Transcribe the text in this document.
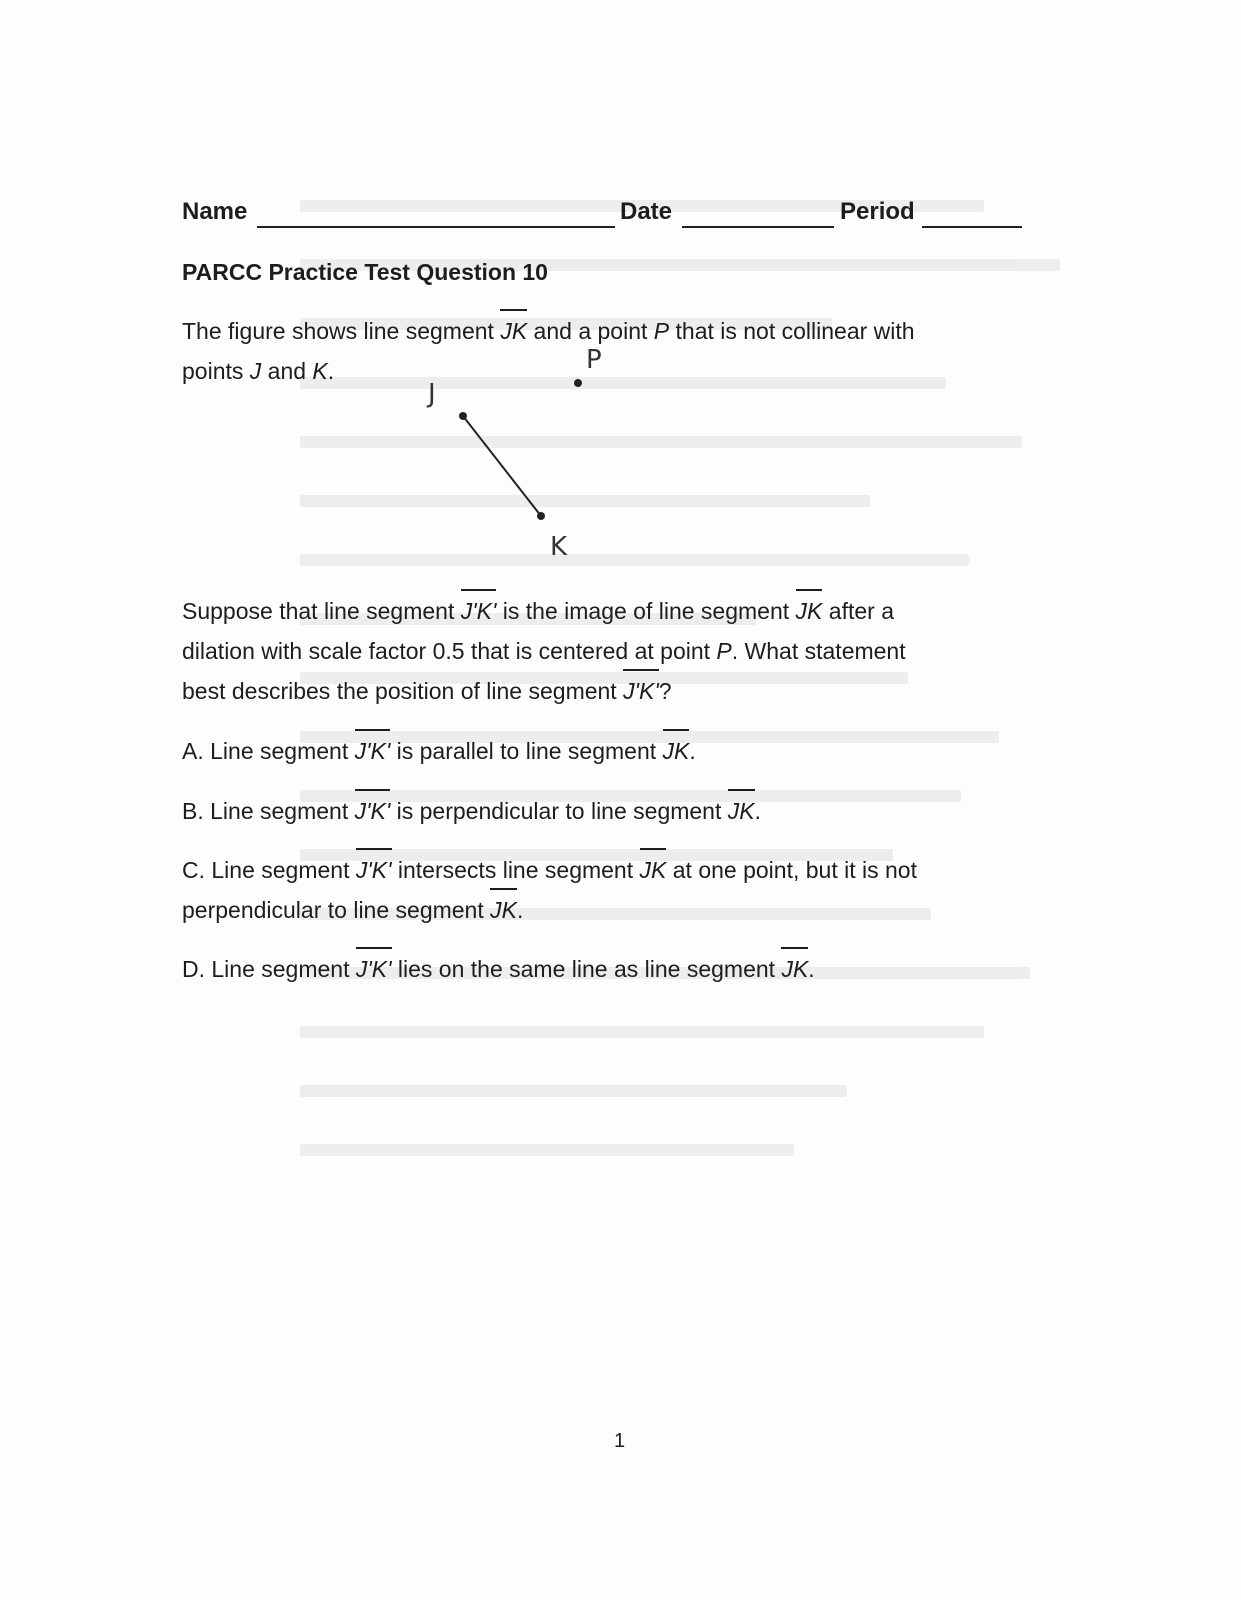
Name	Date	Period
PARCC Practice Test Question 10
The figure shows line segment JK and a point P that is not collinear with
points J and K.
J
K
P
Suppose that line segment J'K' is the image of line segment JK after a
dilation with scale factor 0.5 that is centered at point P. What statement
best describes the position of line segment J'K'?
A. Line segment J'K' is parallel to line segment JK.
B. Line segment J'K' is perpendicular to line segment JK.
C. Line segment J'K' intersects line segment JK at one point, but it is not
perpendicular to line segment JK.
D. Line segment J'K' lies on the same line as line segment JK.
1
